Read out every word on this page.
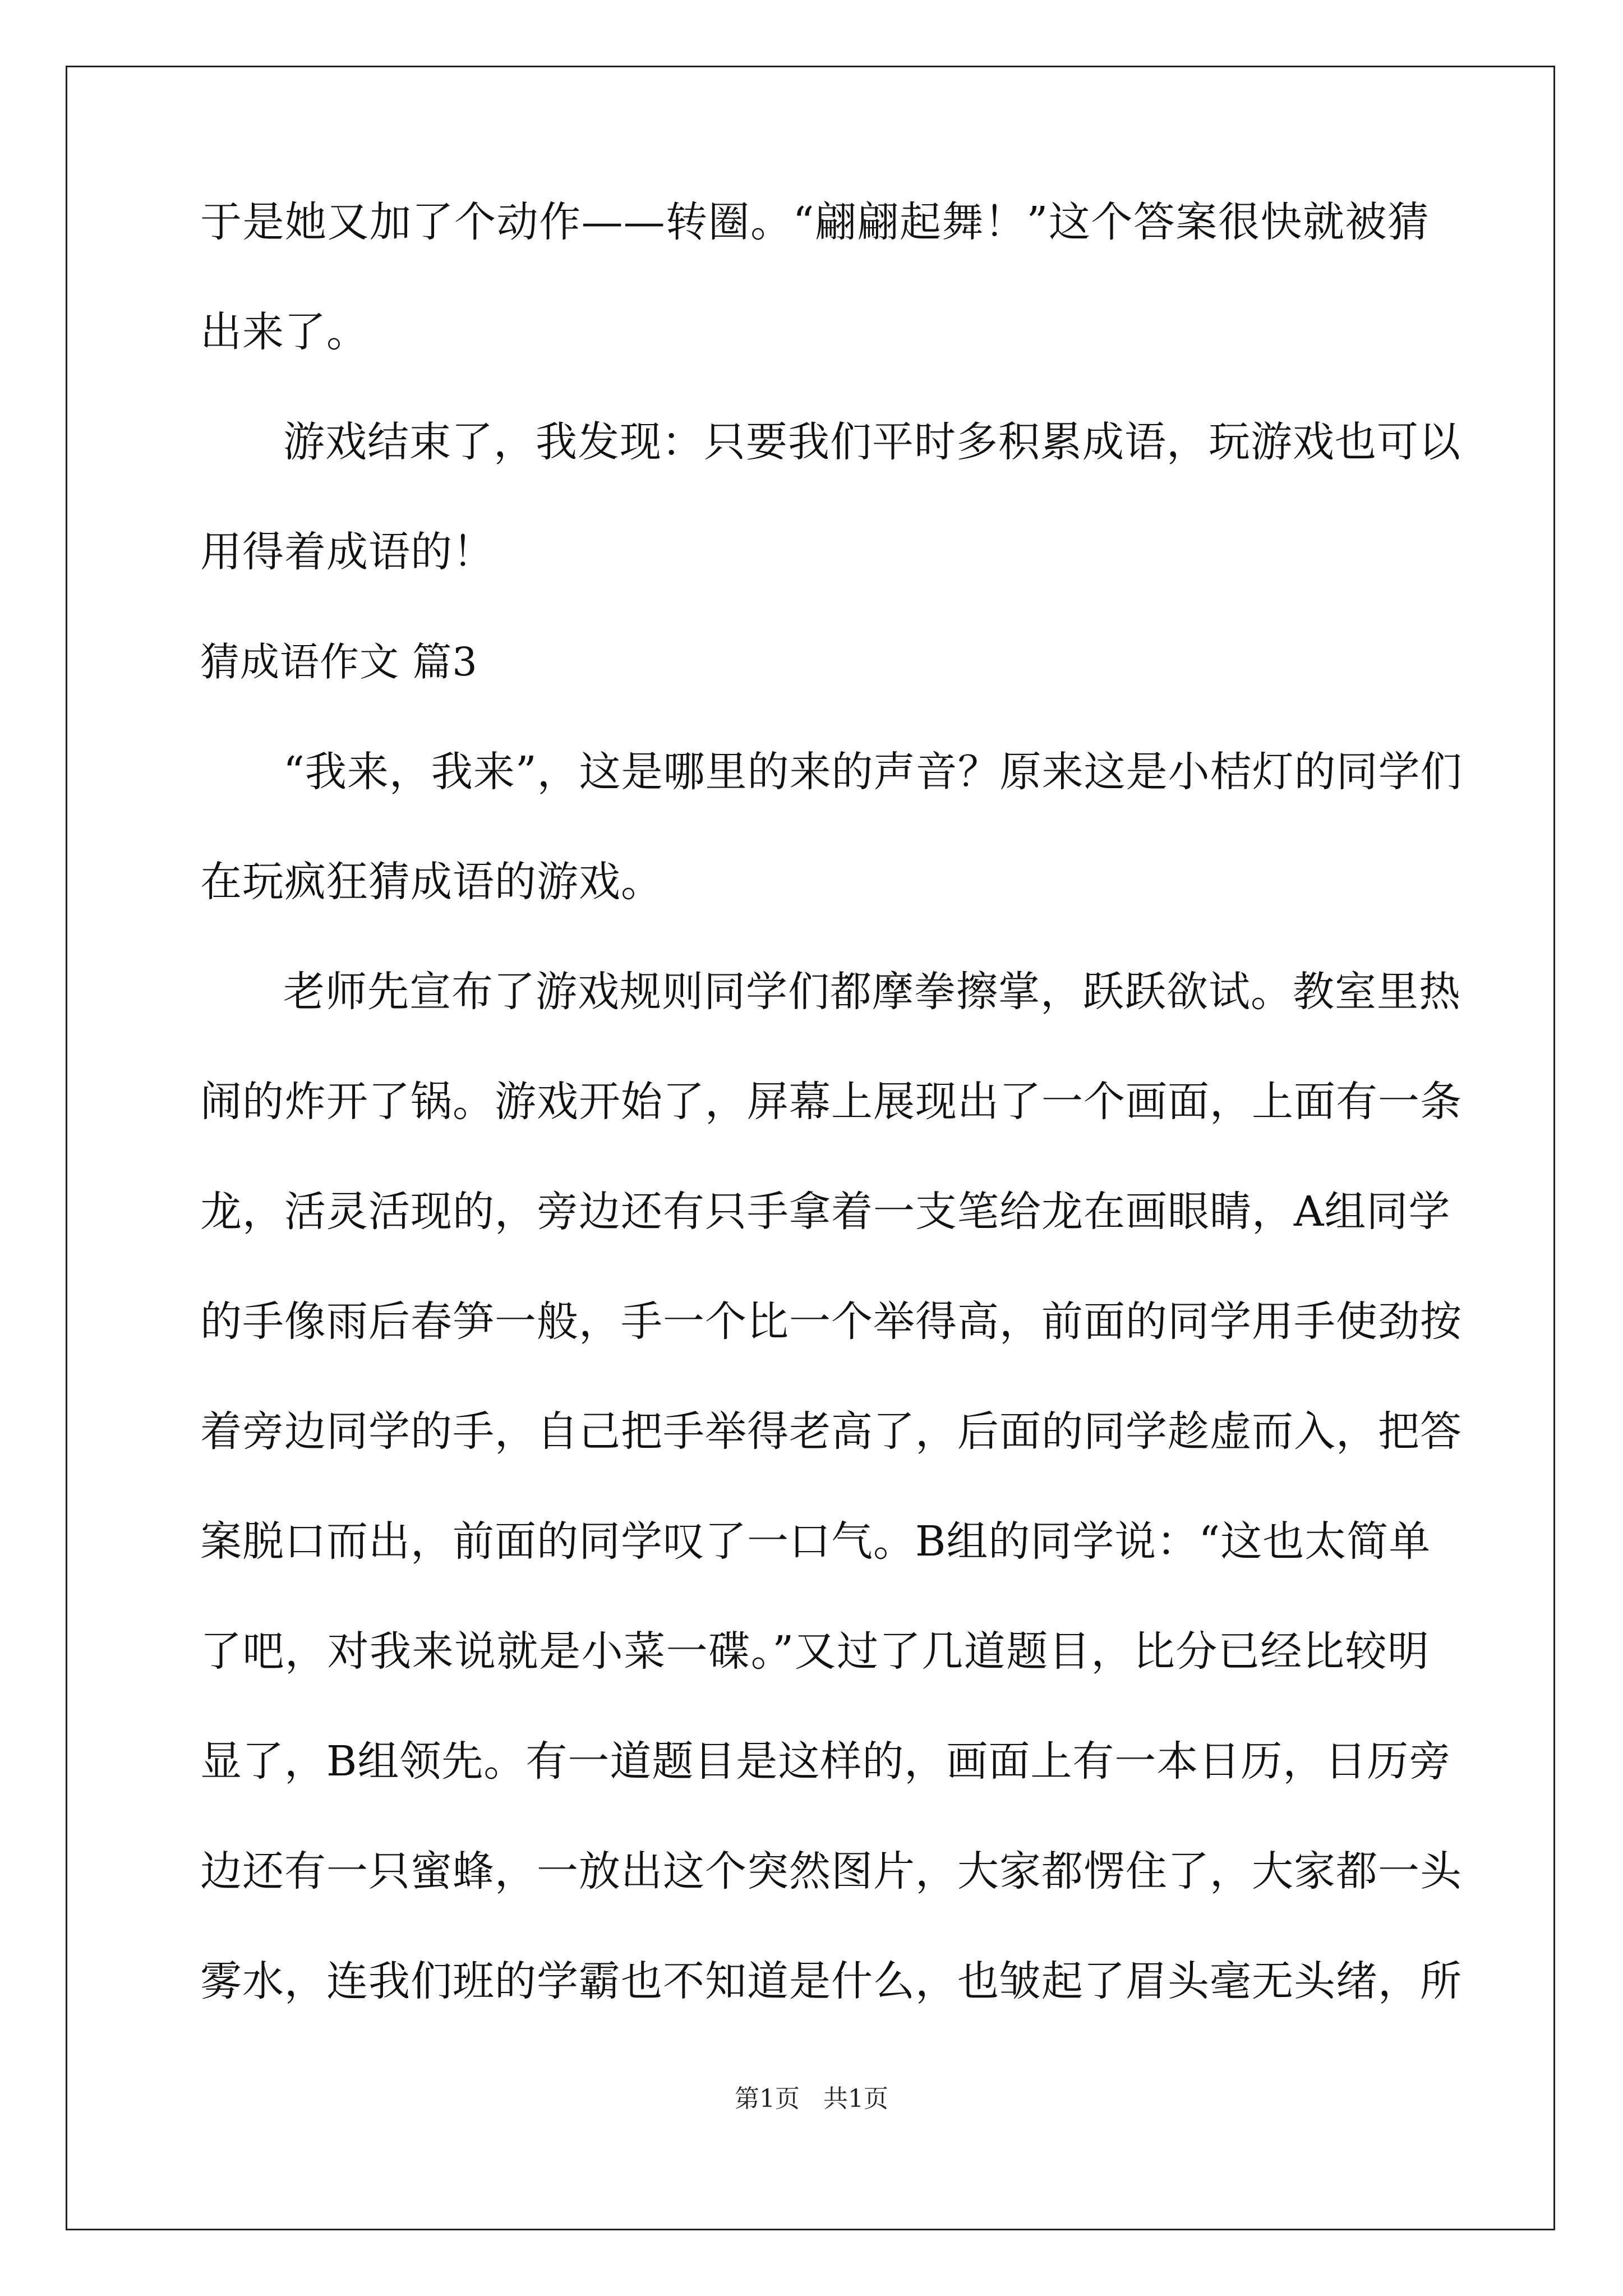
于是她又加了个动作——转圈。“翩翩起舞！”这个答案很快就被猜
出来了。
游戏结束了，我发现：只要我们平时多积累成语，玩游戏也可以
用得着成语的！
猜成语作文 篇3
“我来，我来”，这是哪里的来的声音？原来这是小桔灯的同学们
在玩疯狂猜成语的游戏。
老师先宣布了游戏规则同学们都摩拳擦掌，跃跃欲试。教室里热
闹的炸开了锅。游戏开始了，屏幕上展现出了一个画面，上面有一条
龙，活灵活现的，旁边还有只手拿着一支笔给龙在画眼睛，A组同学
的手像雨后春笋一般，手一个比一个举得高，前面的同学用手使劲按
着旁边同学的手，自己把手举得老高了，后面的同学趁虚而入，把答
案脱口而出，前面的同学叹了一口气。B组的同学说：“这也太简单
了吧，对我来说就是小菜一碟。”又过了几道题目，比分已经比较明
显了，B组领先。有一道题目是这样的，画面上有一本日历，日历旁
边还有一只蜜蜂，一放出这个突然图片，大家都愣住了，大家都一头
雾水，连我们班的学霸也不知道是什么，也皱起了眉头毫无头绪，所
第1页 共1页
